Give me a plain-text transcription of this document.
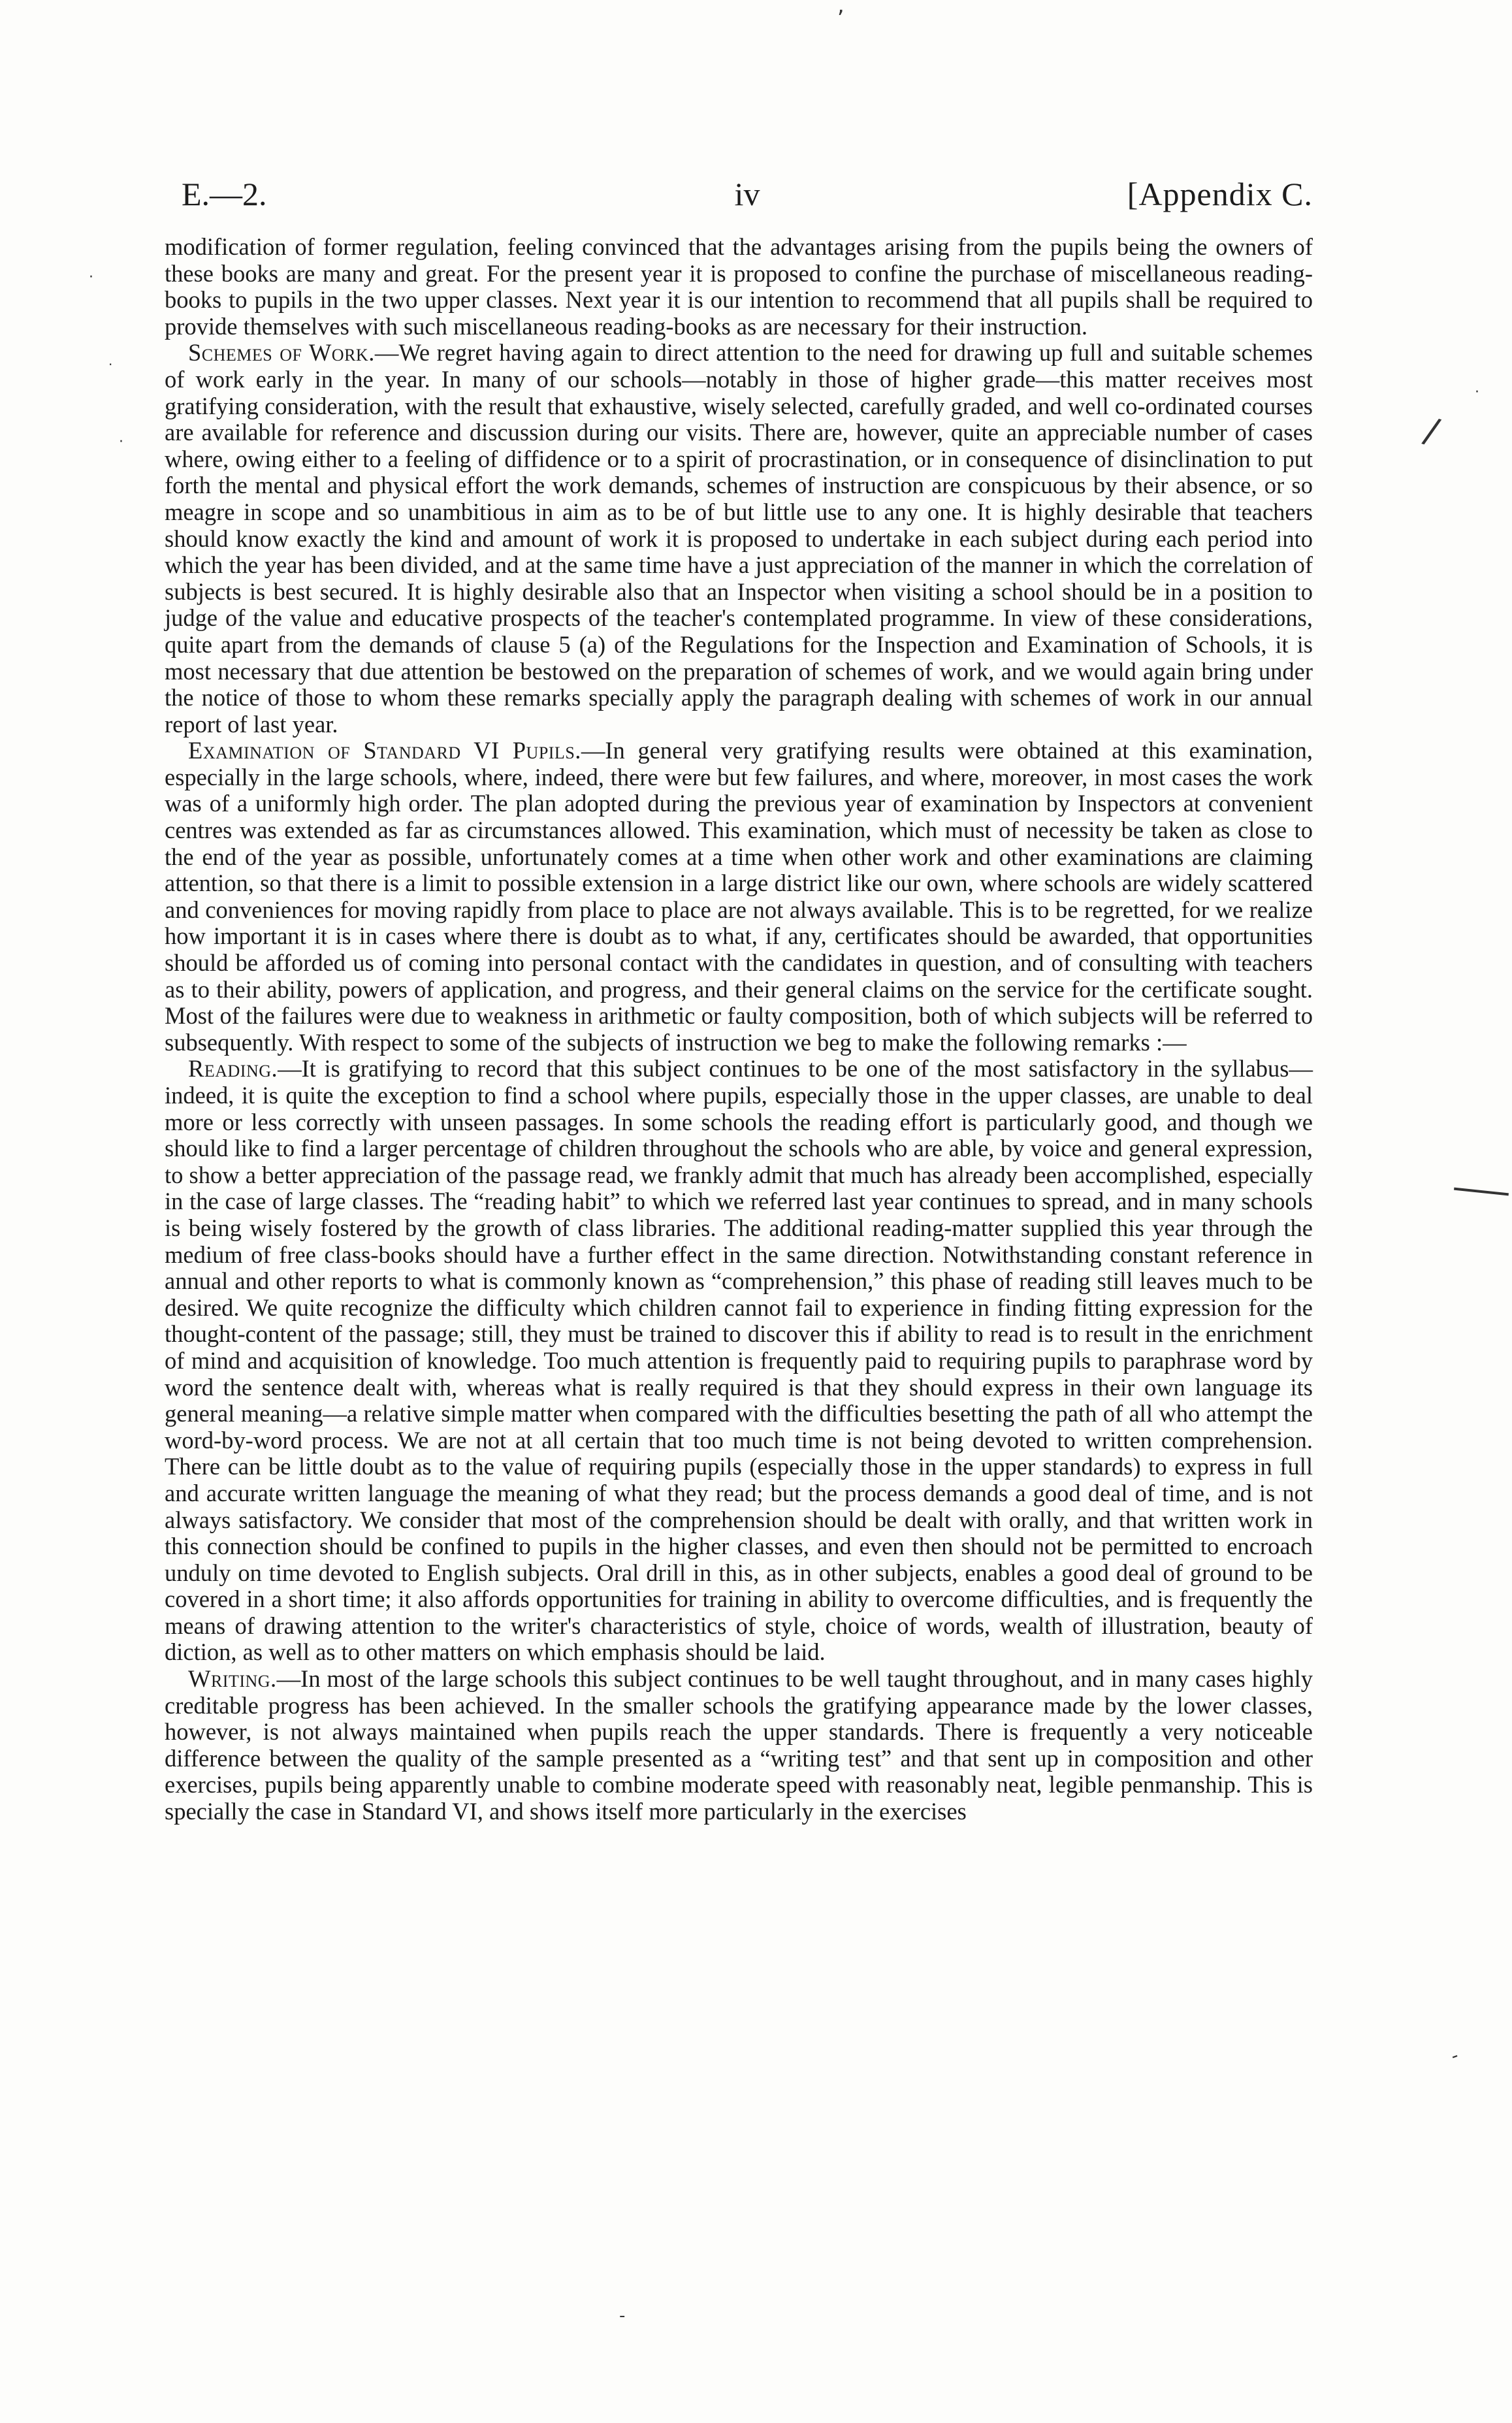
,
/
·
-
·
·
·
-
E.—2.	iv	[Appendix C.

modification of former regulation, feeling convinced that the advantages arising from the pupils being the owners of these books are many and great. For the present year it is proposed to confine the purchase of miscellaneous reading-books to pupils in the two upper classes. Next year it is our intention to recommend that all pupils shall be required to provide themselves with such miscellaneous reading-books as are necessary for their instruction.

Schemes of Work.—We regret having again to direct attention to the need for drawing up full and suitable schemes of work early in the year. In many of our schools—notably in those of higher grade—this matter receives most gratifying consideration, with the result that exhaustive, wisely selected, carefully graded, and well co-ordinated courses are available for reference and discussion during our visits. There are, however, quite an appreciable number of cases where, owing either to a feeling of diffidence or to a spirit of procrastination, or in consequence of disinclination to put forth the mental and physical effort the work demands, schemes of instruction are conspicuous by their absence, or so meagre in scope and so unambitious in aim as to be of but little use to any one. It is highly desirable that teachers should know exactly the kind and amount of work it is proposed to undertake in each subject during each period into which the year has been divided, and at the same time have a just appreciation of the manner in which the correlation of subjects is best secured. It is highly desirable also that an Inspector when visiting a school should be in a position to judge of the value and educative prospects of the teacher's contemplated programme. In view of these considerations, quite apart from the demands of clause 5 (a) of the Regulations for the Inspection and Examination of Schools, it is most necessary that due attention be bestowed on the preparation of schemes of work, and we would again bring under the notice of those to whom these remarks specially apply the paragraph dealing with schemes of work in our annual report of last year.

Examination of Standard VI Pupils.—In general very gratifying results were obtained at this examination, especially in the large schools, where, indeed, there were but few failures, and where, moreover, in most cases the work was of a uniformly high order. The plan adopted during the previous year of examination by Inspectors at convenient centres was extended as far as circumstances allowed. This examination, which must of necessity be taken as close to the end of the year as possible, unfortunately comes at a time when other work and other examinations are claiming attention, so that there is a limit to possible extension in a large district like our own, where schools are widely scattered and conveniences for moving rapidly from place to place are not always available. This is to be regretted, for we realize how important it is in cases where there is doubt as to what, if any, certificates should be awarded, that opportunities should be afforded us of coming into personal contact with the candidates in question, and of consulting with teachers as to their ability, powers of application, and progress, and their general claims on the service for the certificate sought. Most of the failures were due to weakness in arithmetic or faulty composition, both of which subjects will be referred to subsequently. With respect to some of the subjects of instruction we beg to make the following remarks :—

Reading.—It is gratifying to record that this subject continues to be one of the most satisfactory in the syllabus—indeed, it is quite the exception to find a school where pupils, especially those in the upper classes, are unable to deal more or less correctly with unseen passages. In some schools the reading effort is particularly good, and though we should like to find a larger percentage of children throughout the schools who are able, by voice and general expression, to show a better appreciation of the passage read, we frankly admit that much has already been accomplished, especially in the case of large classes. The “reading habit” to which we referred last year continues to spread, and in many schools is being wisely fostered by the growth of class libraries. The additional reading-matter supplied this year through the medium of free class-books should have a further effect in the same direction. Notwithstanding constant reference in annual and other reports to what is commonly known as “comprehension,” this phase of reading still leaves much to be desired. We quite recognize the difficulty which children cannot fail to experience in finding fitting expression for the thought-content of the passage; still, they must be trained to discover this if ability to read is to result in the enrichment of mind and acquisition of knowledge. Too much attention is frequently paid to requiring pupils to paraphrase word by word the sentence dealt with, whereas what is really required is that they should express in their own language its general meaning—a relative simple matter when compared with the difficulties besetting the path of all who attempt the word-by-word process. We are not at all certain that too much time is not being devoted to written comprehension. There can be little doubt as to the value of requiring pupils (especially those in the upper standards) to express in full and accurate written language the meaning of what they read; but the process demands a good deal of time, and is not always satisfactory. We consider that most of the comprehension should be dealt with orally, and that written work in this connection should be confined to pupils in the higher classes, and even then should not be permitted to encroach unduly on time devoted to English subjects. Oral drill in this, as in other subjects, enables a good deal of ground to be covered in a short time; it also affords opportunities for training in ability to overcome difficulties, and is frequently the means of drawing attention to the writer's characteristics of style, choice of words, wealth of illustration, beauty of diction, as well as to other matters on which emphasis should be laid.

Writing.—In most of the large schools this subject continues to be well taught throughout, and in many cases highly creditable progress has been achieved. In the smaller schools the gratifying appearance made by the lower classes, however, is not always maintained when pupils reach the upper standards. There is frequently a very noticeable difference between the quality of the sample presented as a “writing test” and that sent up in composition and other exercises, pupils being apparently unable to combine moderate speed with reasonably neat, legible penmanship. This is specially the case in Standard VI, and shows itself more particularly in the exercises
